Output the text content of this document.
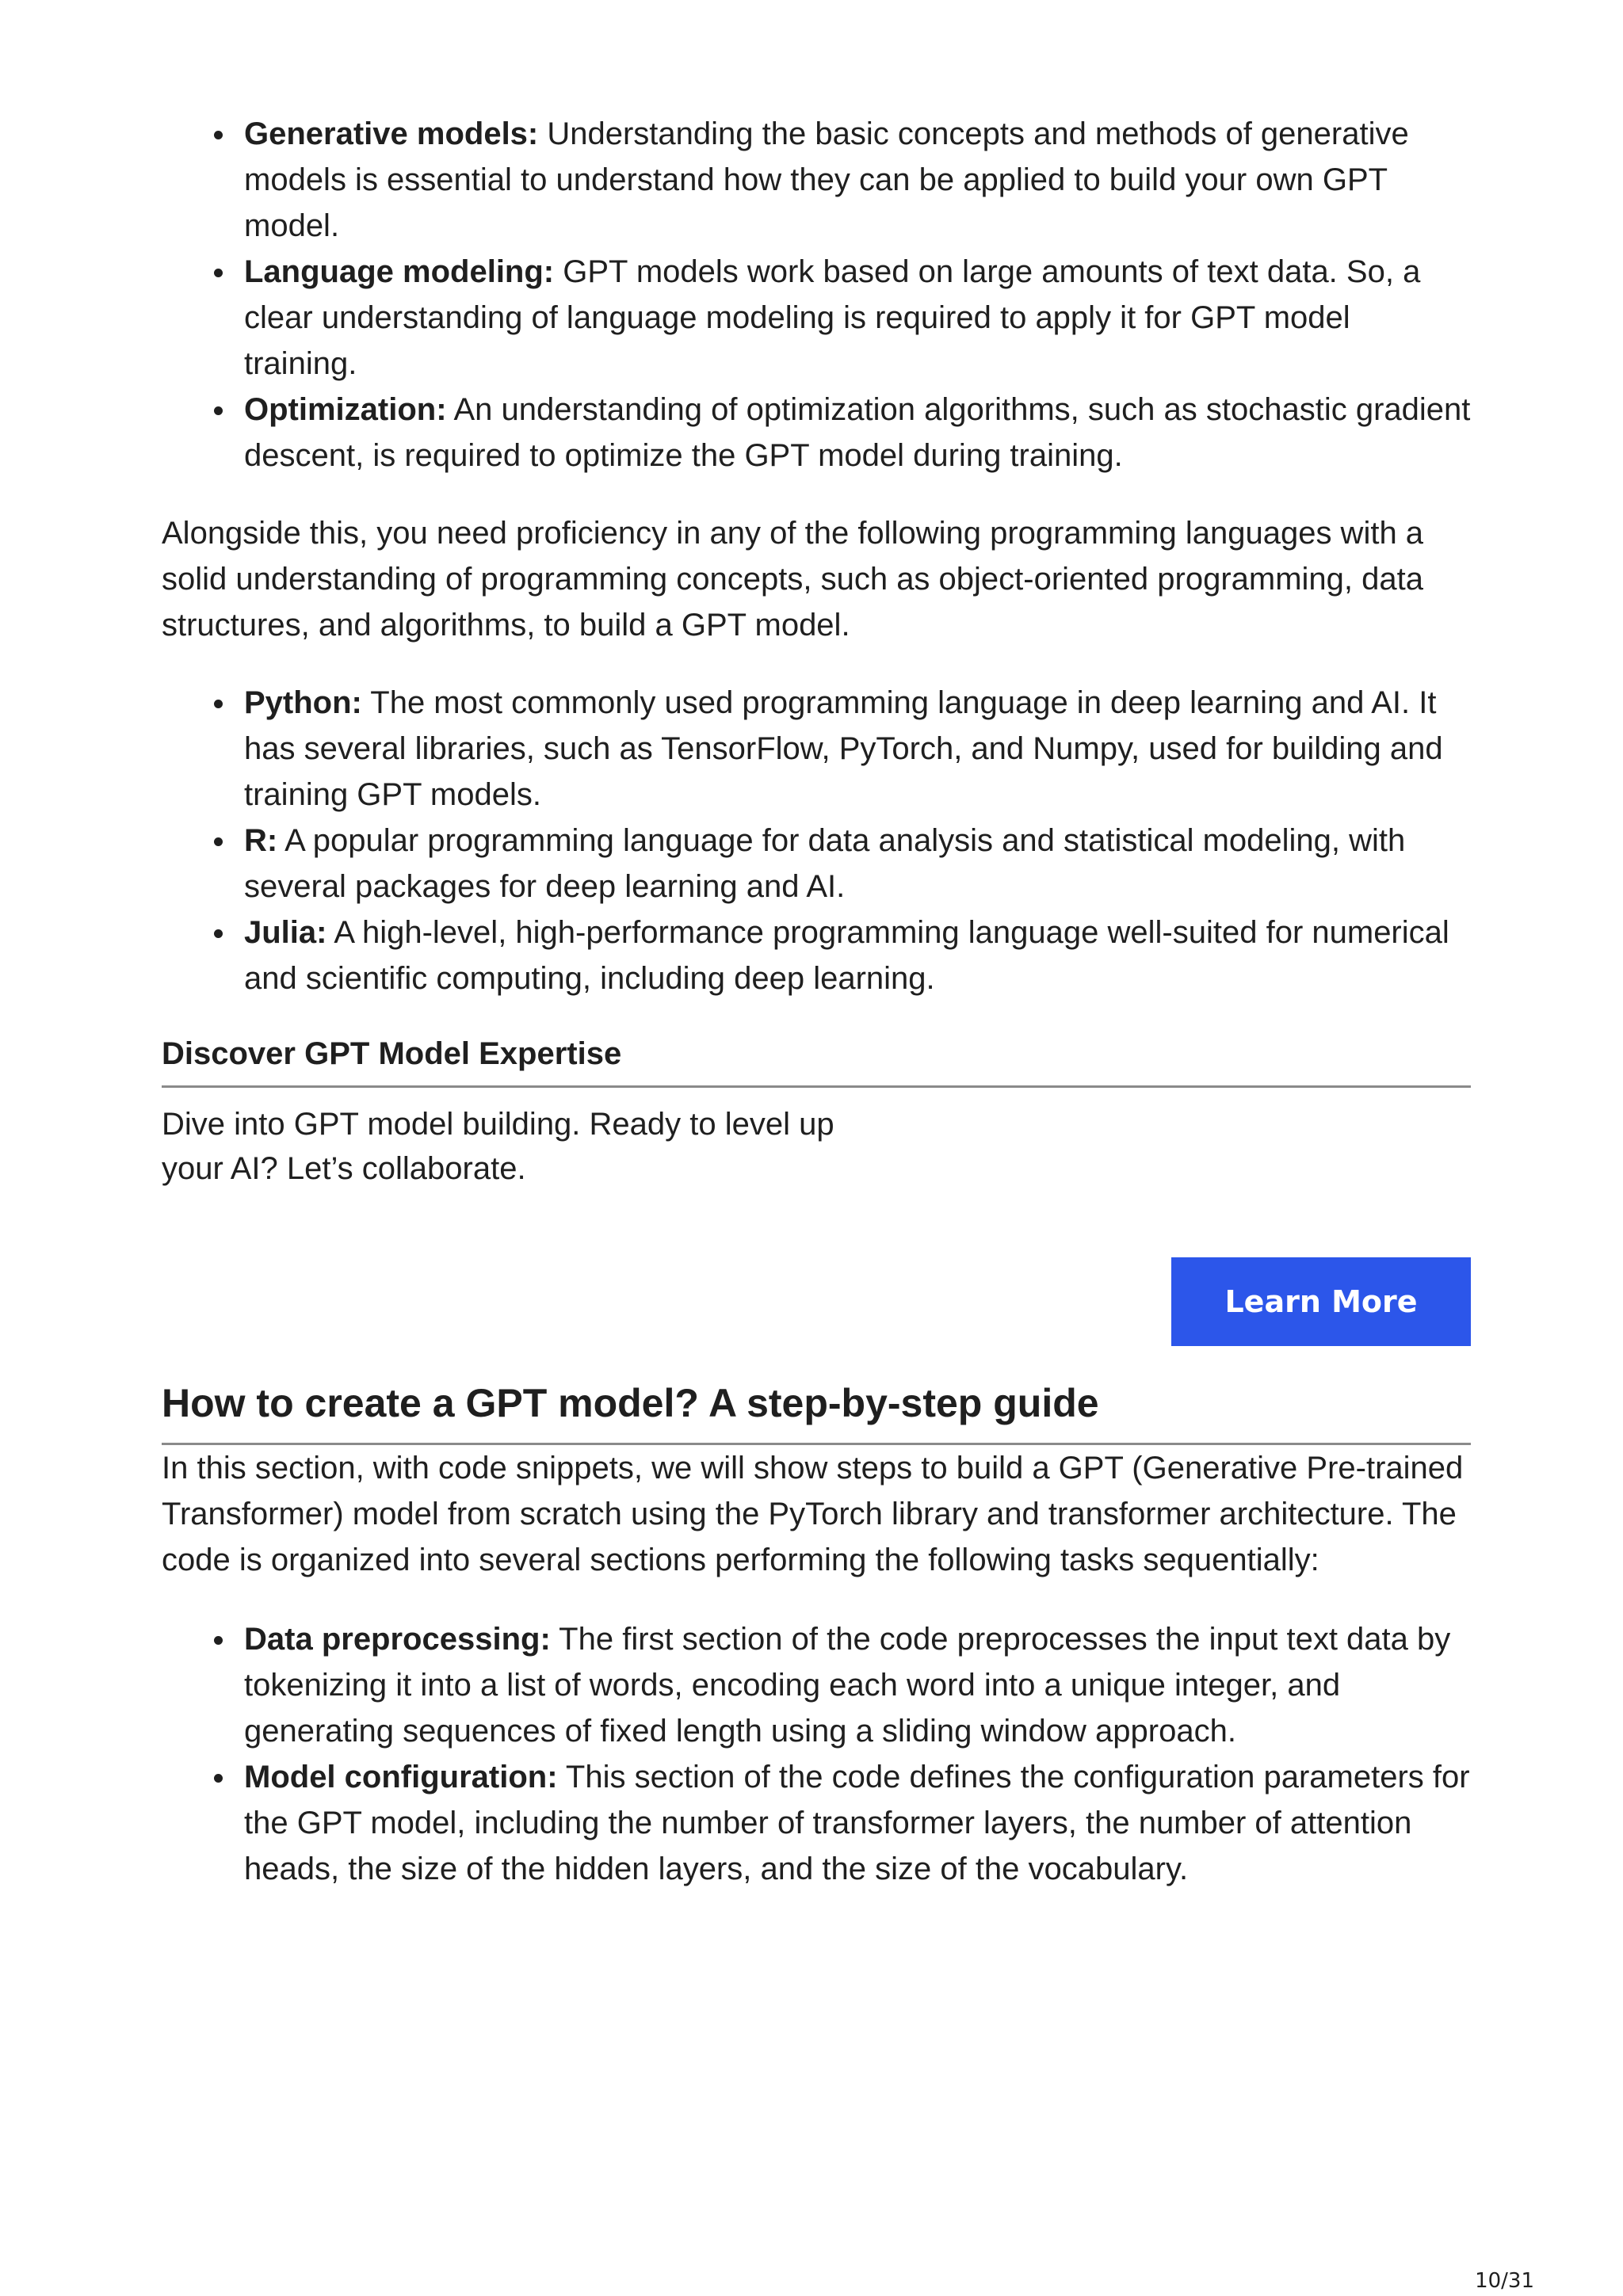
Generative models: Understanding the basic concepts and methods of generative models is essential to understand how they can be applied to build your own GPT model.
Language modeling: GPT models work based on large amounts of text data. So, a clear understanding of language modeling is required to apply it for GPT model training.
Optimization: An understanding of optimization algorithms, such as stochastic gradient descent, is required to optimize the GPT model during training.

Alongside this, you need proficiency in any of the following programming languages with a solid understanding of programming concepts, such as object-oriented programming, data structures, and algorithms, to build a GPT model.

Python: The most commonly used programming language in deep learning and AI. It has several libraries, such as TensorFlow, PyTorch, and Numpy, used for building and training GPT models.
R: A popular programming language for data analysis and statistical modeling, with several packages for deep learning and AI.
Julia: A high-level, high-performance programming language well-suited for numerical and scientific computing, including deep learning.
Discover GPT Model Expertise
Dive into GPT model building. Ready to level up your AI? Let’s collaborate.
Learn More
How to create a GPT model? A step-by-step guide

In this section, with code snippets, we will show steps to build a GPT (Generative Pre-trained Transformer) model from scratch using the PyTorch library and transformer architecture. The code is organized into several sections performing the following tasks sequentially:

Data preprocessing: The first section of the code preprocesses the input text data by tokenizing it into a list of words, encoding each word into a unique integer, and generating sequences of fixed length using a sliding window approach.
Model configuration: This section of the code defines the configuration parameters for the GPT model, including the number of transformer layers, the number of attention heads, the size of the hidden layers, and the size of the vocabulary.
10/31
